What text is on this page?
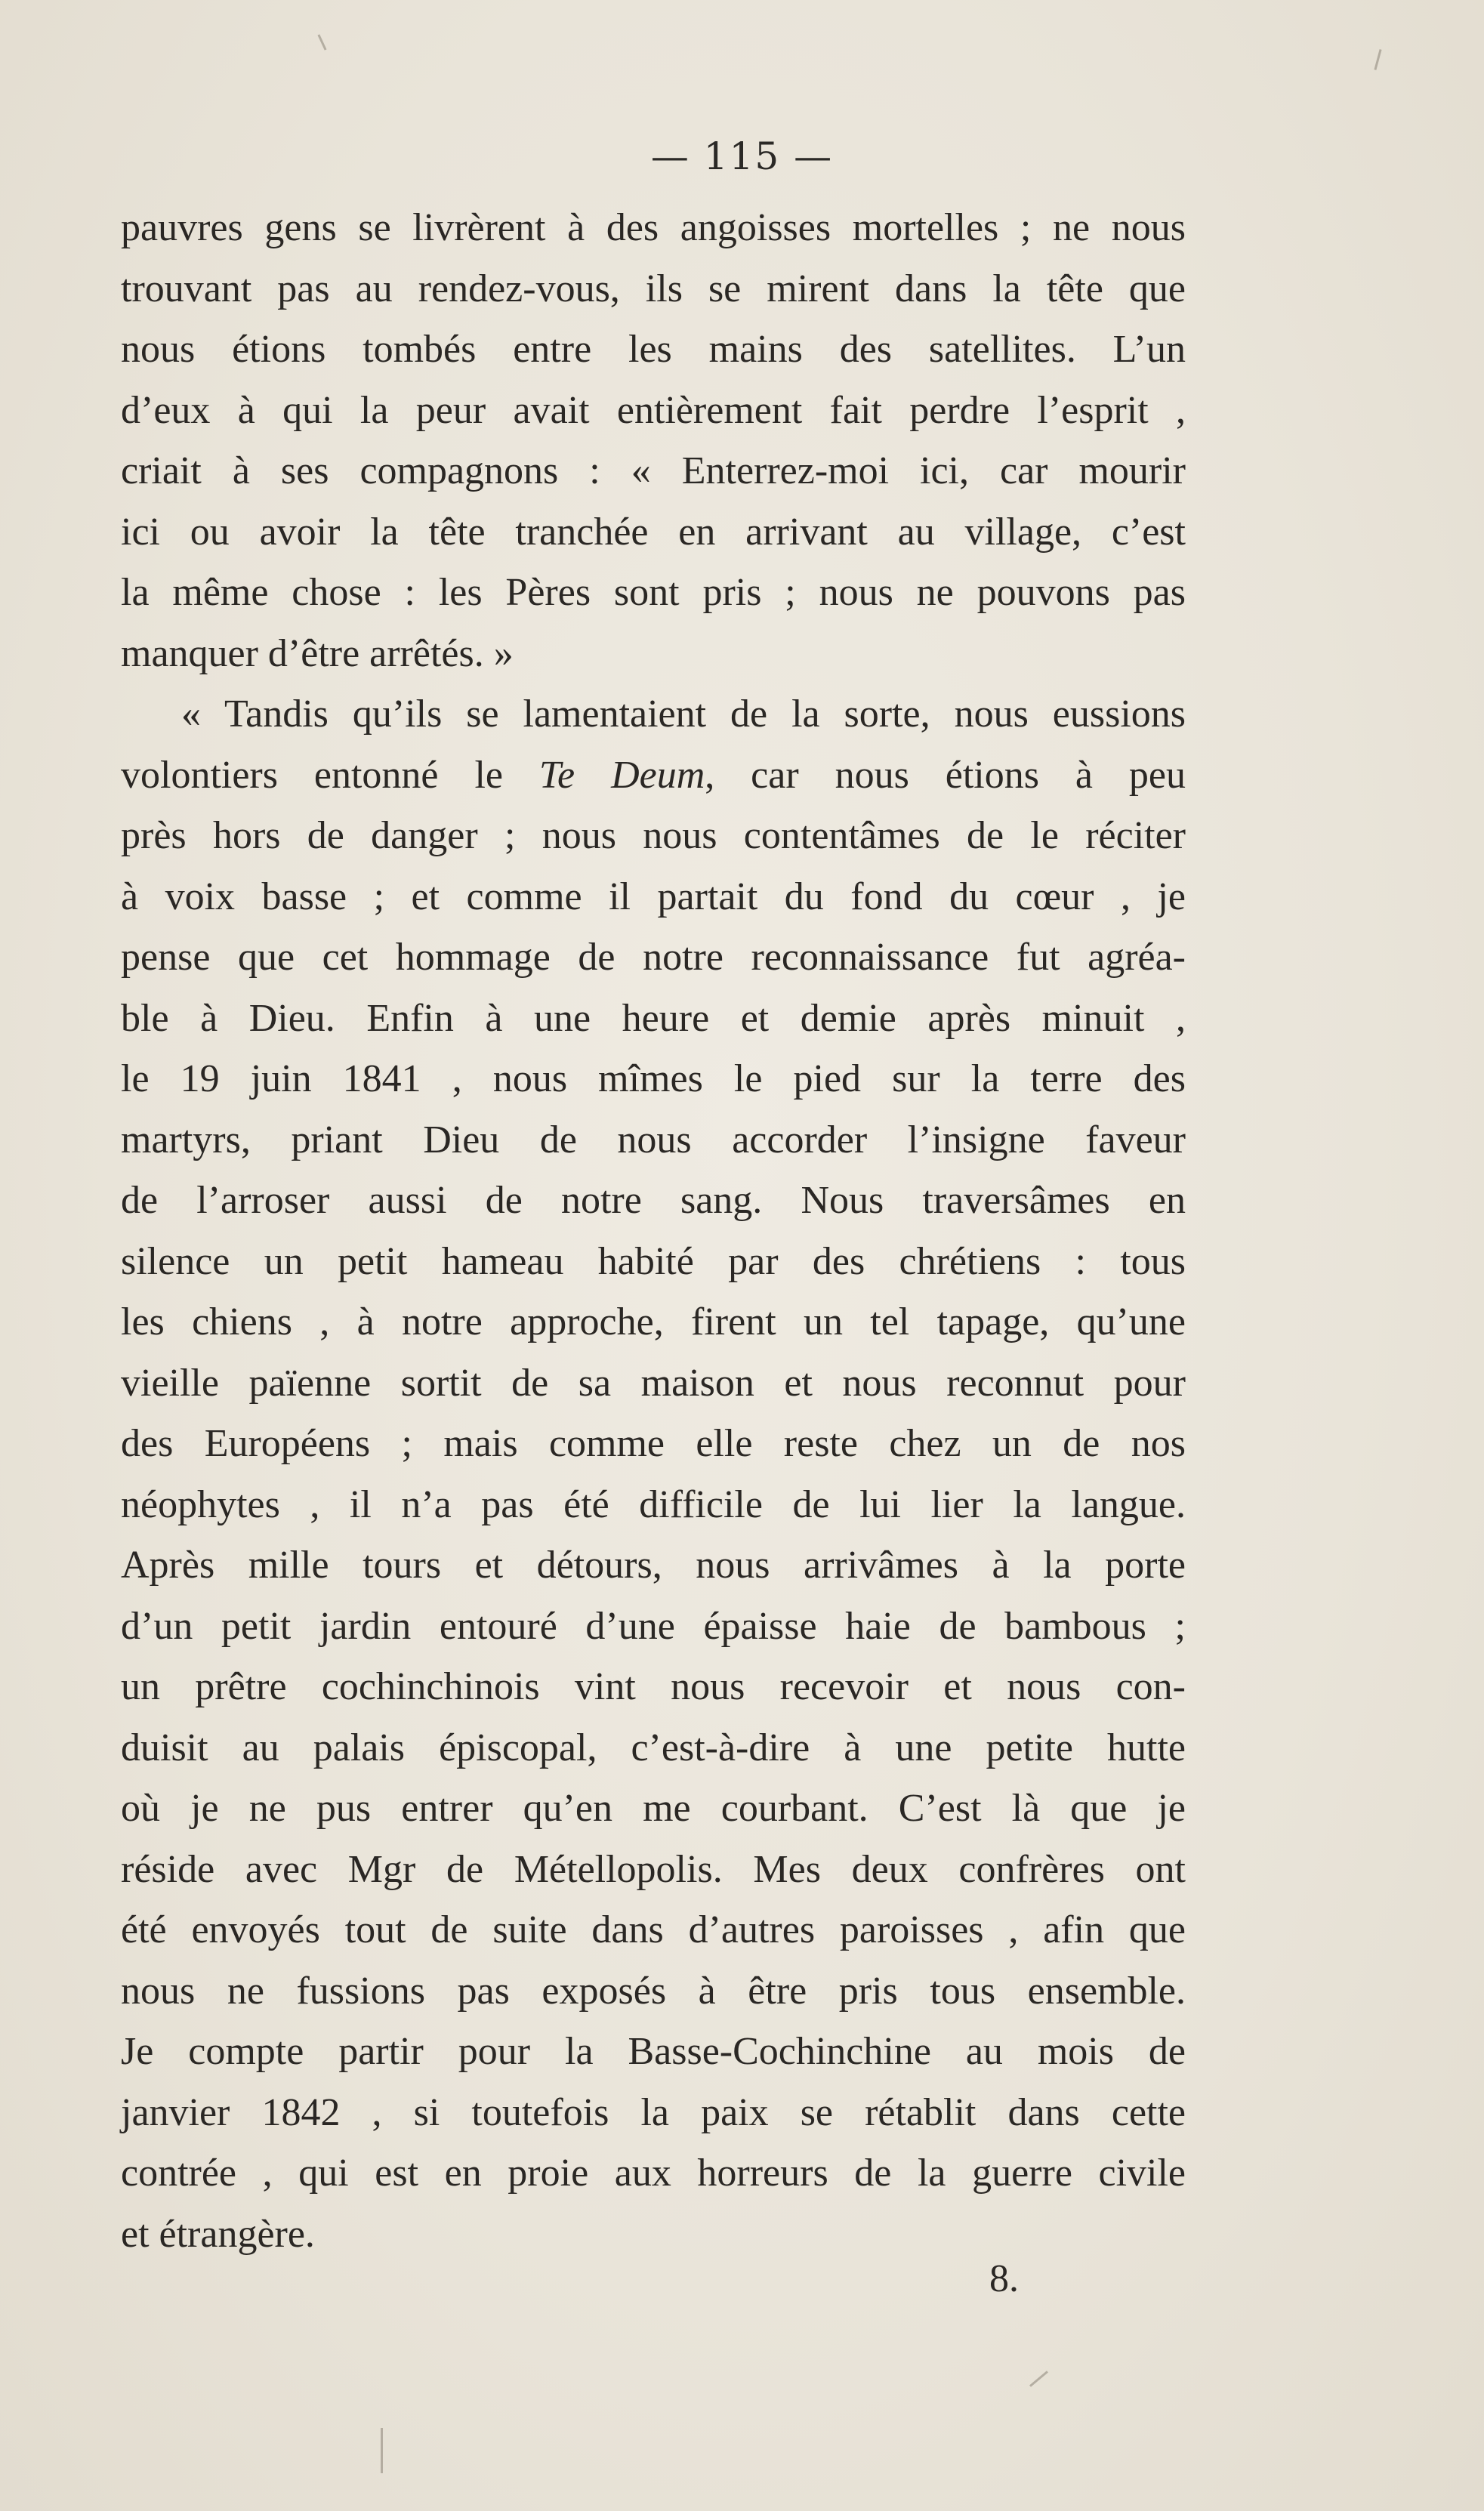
— 115 —
pauvres gens se livrèrent à des angoisses mortelles ; ne nous
trouvant pas au rendez-vous, ils se mirent dans la tête que
nous étions tombés entre les mains des satellites. L’un
d’eux à qui la peur avait entièrement fait perdre l’esprit ,
criait à ses compagnons : « Enterrez-moi ici, car mourir
ici ou avoir la tête tranchée en arrivant au village, c’est
la même chose : les Pères sont pris ; nous ne pouvons pas
manquer d’être arrêtés. »
« Tandis qu’ils se lamentaient de la sorte, nous eussions
volontiers entonné le Te Deum, car nous étions à peu
près hors de danger ; nous nous contentâmes de le réciter
à voix basse ; et comme il partait du fond du cœur , je
pense que cet hommage de notre reconnaissance fut agréa-
ble à Dieu. Enfin à une heure et demie après minuit ,
le 19 juin 1841 , nous mîmes le pied sur la terre des
martyrs, priant Dieu de nous accorder l’insigne faveur
de l’arroser aussi de notre sang. Nous traversâmes en
silence un petit hameau habité par des chrétiens : tous
les chiens , à notre approche, firent un tel tapage, qu’une
vieille païenne sortit de sa maison et nous reconnut pour
des Européens ; mais comme elle reste chez un de nos
néophytes , il n’a pas été difficile de lui lier la langue.
Après mille tours et détours, nous arrivâmes à la porte
d’un petit jardin entouré d’une épaisse haie de bambous ;
un prêtre cochinchinois vint nous recevoir et nous con-
duisit au palais épiscopal, c’est-à-dire à une petite hutte
où je ne pus entrer qu’en me courbant. C’est là que je
réside avec Mgr de Métellopolis. Mes deux confrères ont
été envoyés tout de suite dans d’autres paroisses , afin que
nous ne fussions pas exposés à être pris tous ensemble.
Je compte partir pour la Basse-Cochinchine au mois de
janvier 1842 , si toutefois la paix se rétablit dans cette
contrée , qui est en proie aux horreurs de la guerre civile
et étrangère.
8.
